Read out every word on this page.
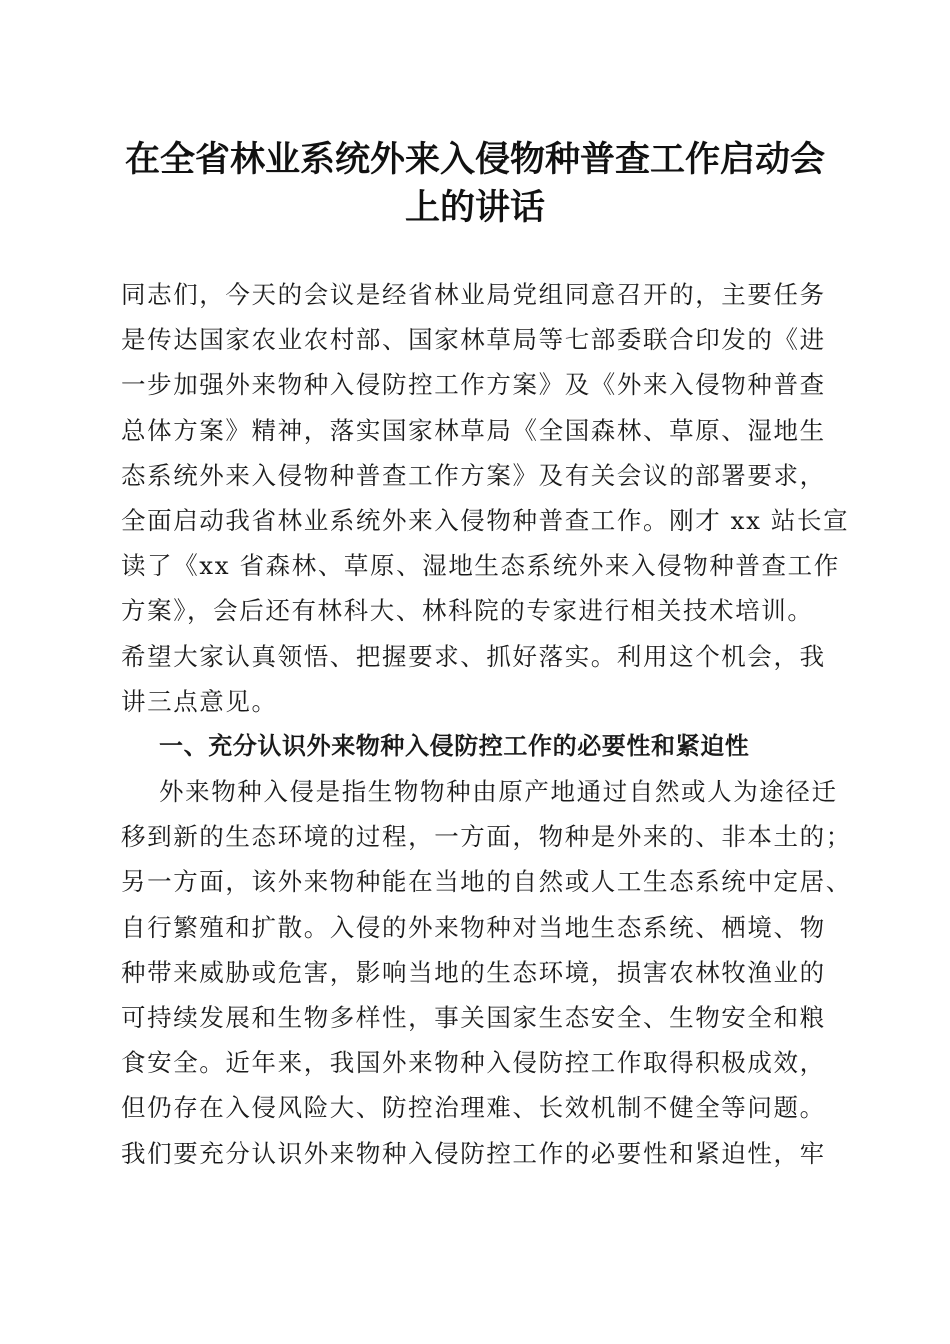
在全省林业系统外来入侵物种普查工作启动会
上的讲话
同志们，今天的会议是经省林业局党组同意召开的，主要任务
是传达国家农业农村部、国家林草局等七部委联合印发的《进
一步加强外来物种入侵防控工作方案》及《外来入侵物种普查
总体方案》精神，落实国家林草局《全国森林、草原、湿地生
态系统外来入侵物种普查工作方案》及有关会议的部署要求，
全面启动我省林业系统外来入侵物种普查工作。刚才 xx 站长宣
读了《xx 省森林、草原、湿地生态系统外来入侵物种普查工作
方案》，会后还有林科大、林科院的专家进行相关技术培训。
希望大家认真领悟、把握要求、抓好落实。利用这个机会，我
讲三点意见。
一、充分认识外来物种入侵防控工作的必要性和紧迫性
外来物种入侵是指生物物种由原产地通过自然或人为途径迁
移到新的生态环境的过程，一方面，物种是外来的、非本土的；
另一方面，该外来物种能在当地的自然或人工生态系统中定居、
自行繁殖和扩散。入侵的外来物种对当地生态系统、栖境、物
种带来威胁或危害，影响当地的生态环境，损害农林牧渔业的
可持续发展和生物多样性，事关国家生态安全、生物安全和粮
食安全。近年来，我国外来物种入侵防控工作取得积极成效，
但仍存在入侵风险大、防控治理难、长效机制不健全等问题。
我们要充分认识外来物种入侵防控工作的必要性和紧迫性，牢
